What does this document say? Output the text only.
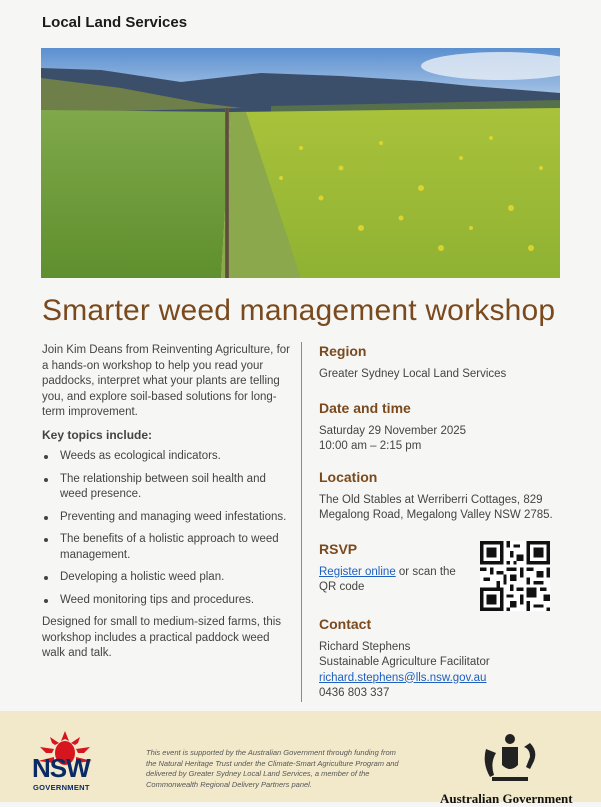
Local Land Services
Smarter weed management workshop

Join Kim Deans from Reinventing Agriculture, for a hands-on workshop to help you read your paddocks, interpret what your plants are telling you, and explore soil-based solutions for long-term improvement.

Key topics include:

Weeds as ecological indicators.
The relationship between soil health and weed presence.
Preventing and managing weed infestations.
The benefits of a holistic approach to weed management.
Developing a holistic weed plan.
Weed monitoring tips and procedures.

Designed for small to medium-sized farms, this workshop includes a practical paddock weed walk and talk.

Region
Greater Sydney Local Land Services
Date and time
Saturday 29 November 2025
10:00 am – 2:15 pm
Location
The Old Stables at Werriberri Cottages, 829 Megalong Road, Megalong Valley NSW 2785.
RSVP
Register online or scan the QR code
Contact
Richard Stephens
Sustainable Agriculture Facilitator
richard.stephens@lls.nsw.gov.au
0436 803 337
NSW
GOVERNMENT
This event is supported by the Australian Government through funding from the Natural Heritage Trust under the Climate-Smart Agriculture Program and delivered by Greater Sydney Local Land Services, a member of the Commonwealth Regional Delivery Partners panel.
Australian Government
